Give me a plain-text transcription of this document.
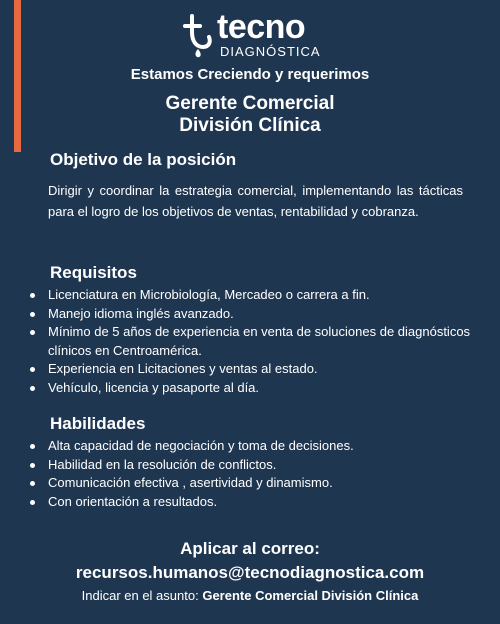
tecno
DIAGNÓSTICA
Estamos Creciendo y requerimos
Gerente Comercial
División Clínica
Objetivo de la posición
Dirigir y coordinar la estrategia comercial, implementando las tácticas para el logro de los objetivos de ventas, rentabilidad y cobranza.
Requisitos
Licenciatura en Microbiología, Mercadeo o carrera a fin.
Manejo idioma inglés avanzado.
Mínimo de 5 años de experiencia en venta de soluciones de diagnósticos clínicos en Centroamérica.
Experiencia en Licitaciones y ventas al estado.
Vehículo, licencia y pasaporte al día.
Habilidades
Alta capacidad de negociación y toma de decisiones.
Habilidad en la resolución de conflictos.
Comunicación efectiva , asertividad y dinamismo.
Con orientación a resultados.
Aplicar al correo:
recursos.humanos@tecnodiagnostica.com
Indicar en el asunto: Gerente Comercial División Clínica
